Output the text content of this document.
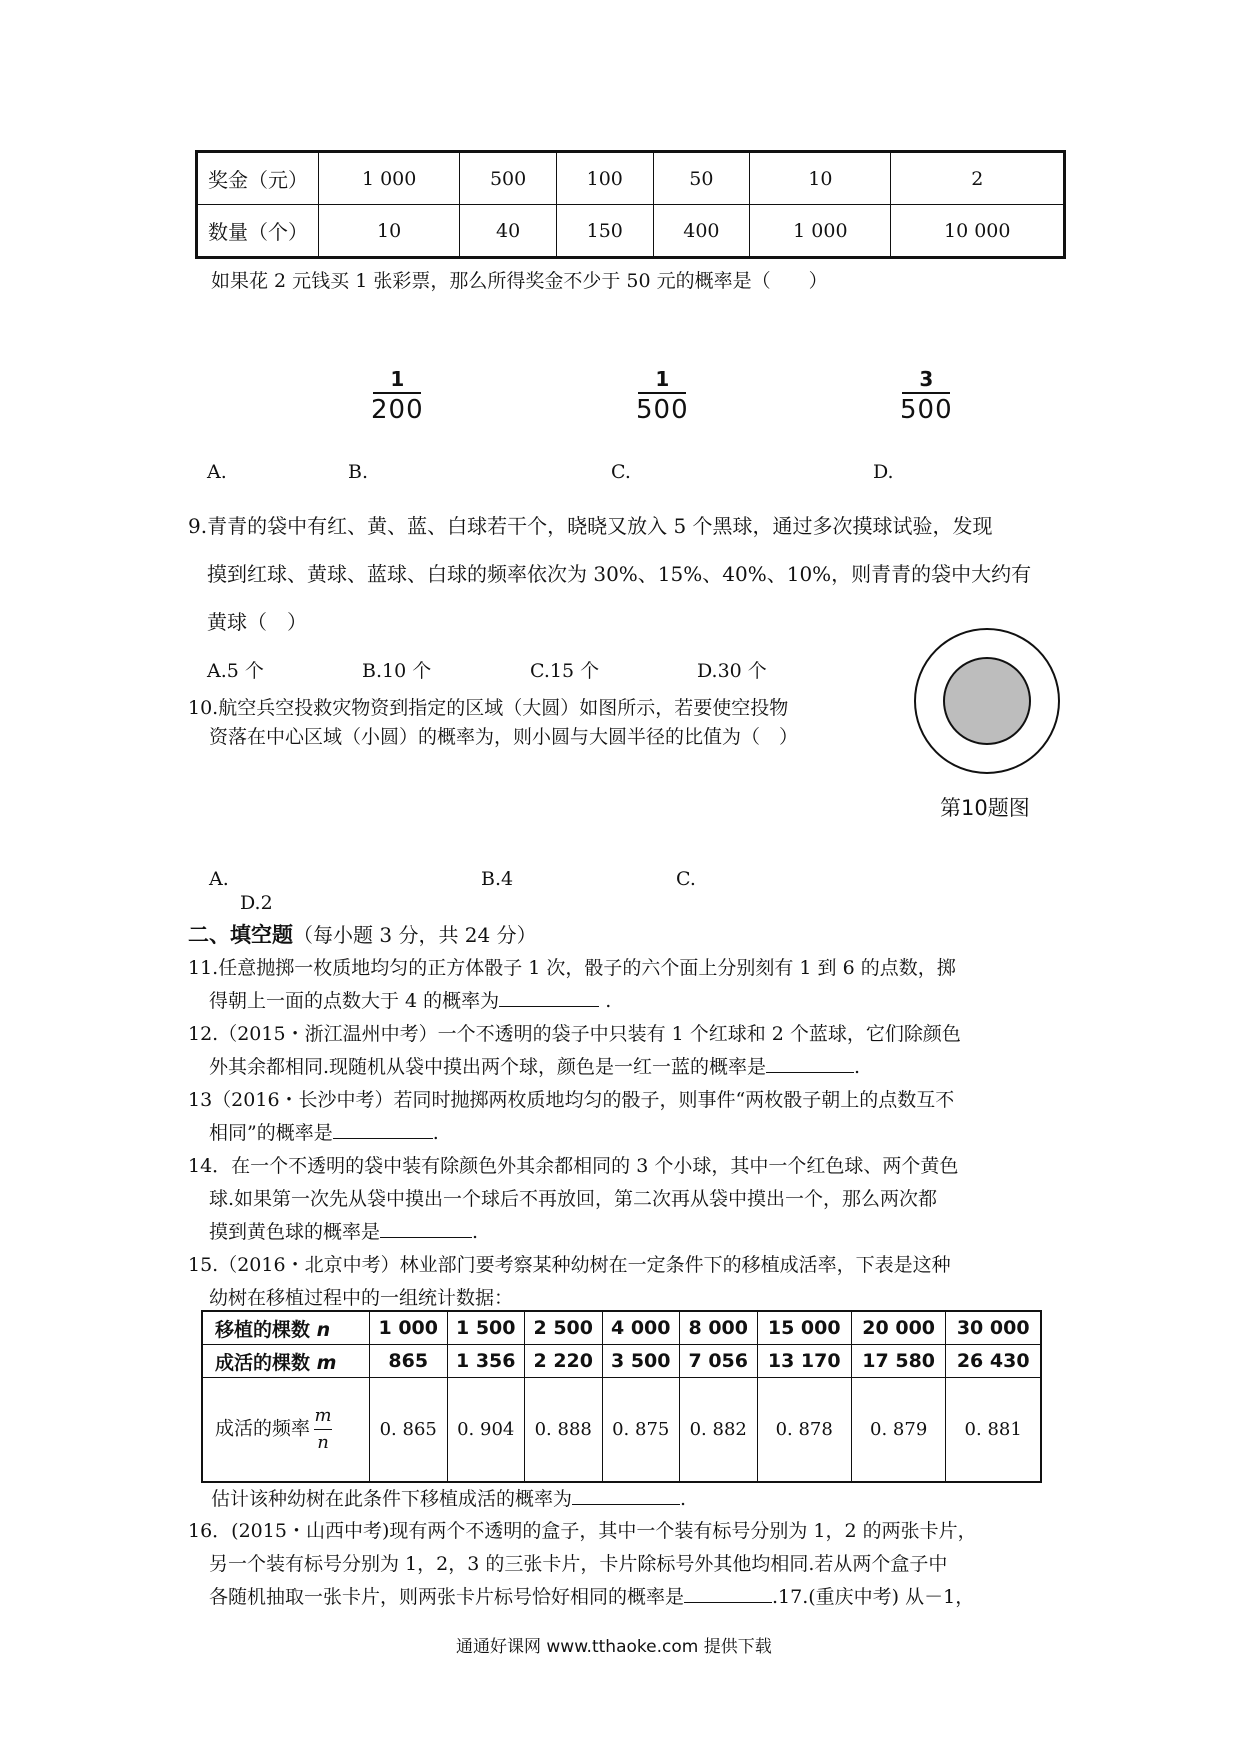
奖金（元）	1 000	500	100	50	10	2
数量（个）	10	40	150	400	1 000	10 000
如果花 2 元钱买 1 张彩票，那么所得奖金不少于 50 元的概率是（　　）
1
200
1
500
3
500
A.	B.	C.	D.
9.青青的袋中有红、黄、蓝、白球若干个，晓晓又放入 5 个黑球，通过多次摸球试验，发现
摸到红球、黄球、蓝球、白球的频率依次为 30%、15%、40%、10%，则青青的袋中大约有
黄球（　）
A.5 个	B.10 个	C.15 个	D.30 个
10.航空兵空投救灾物资到指定的区域（大圆）如图所示，若要使空投物
资落在中心区域（小圆）的概率为，则小圆与大圆半径的比值为（　）
第10题图
A.	B.4	C.
D.2
二、填空题（每小题 3 分，共 24 分）
11.任意抛掷一枚质地均匀的正方体骰子 1 次，骰子的六个面上分别刻有 1 到 6 的点数，掷
得朝上一面的点数大于 4 的概率为	.
12.（2015・浙江温州中考）一个不透明的袋子中只装有 1 个红球和 2 个蓝球，它们除颜色
外其余都相同.现随机从袋中摸出两个球，颜色是一红一蓝的概率是	.
13（2016・长沙中考）若同时抛掷两枚质地均匀的骰子，则事件“两枚骰子朝上的点数互不
相同”的概率是	.
14．在一个不透明的袋中装有除颜色外其余都相同的 3 个小球，其中一个红色球、两个黄色
球.如果第一次先从袋中摸出一个球后不再放回，第二次再从袋中摸出一个，那么两次都
摸到黄色球的概率是	.
15.（2016・北京中考）林业部门要考察某种幼树在一定条件下的移植成活率，下表是这种
幼树在移植过程中的一组统计数据：
移植的棵数 n	1 000	1 500	2 500	4 000	8 000	15 000	20 000	30 000
成活的棵数 m	865	1 356	2 220	3 500	7 056	13 170	17 580	26 430
成活的频率 $\frac{m}{n}$	0. 865	0. 904	0. 888	0. 875	0. 882	0. 878	0. 879	0. 881
估计该种幼树在此条件下移植成活的概率为	.
16．(2015・山西中考)现有两个不透明的盒子，其中一个装有标号分别为 1，2 的两张卡片，
另一个装有标号分别为 1，2，3 的三张卡片，卡片除标号外其他均相同.若从两个盒子中
各随机抽取一张卡片，则两张卡片标号恰好相同的概率是	.17.(重庆中考) 从－1，
通通好课网 www.tthaoke.com 提供下载
